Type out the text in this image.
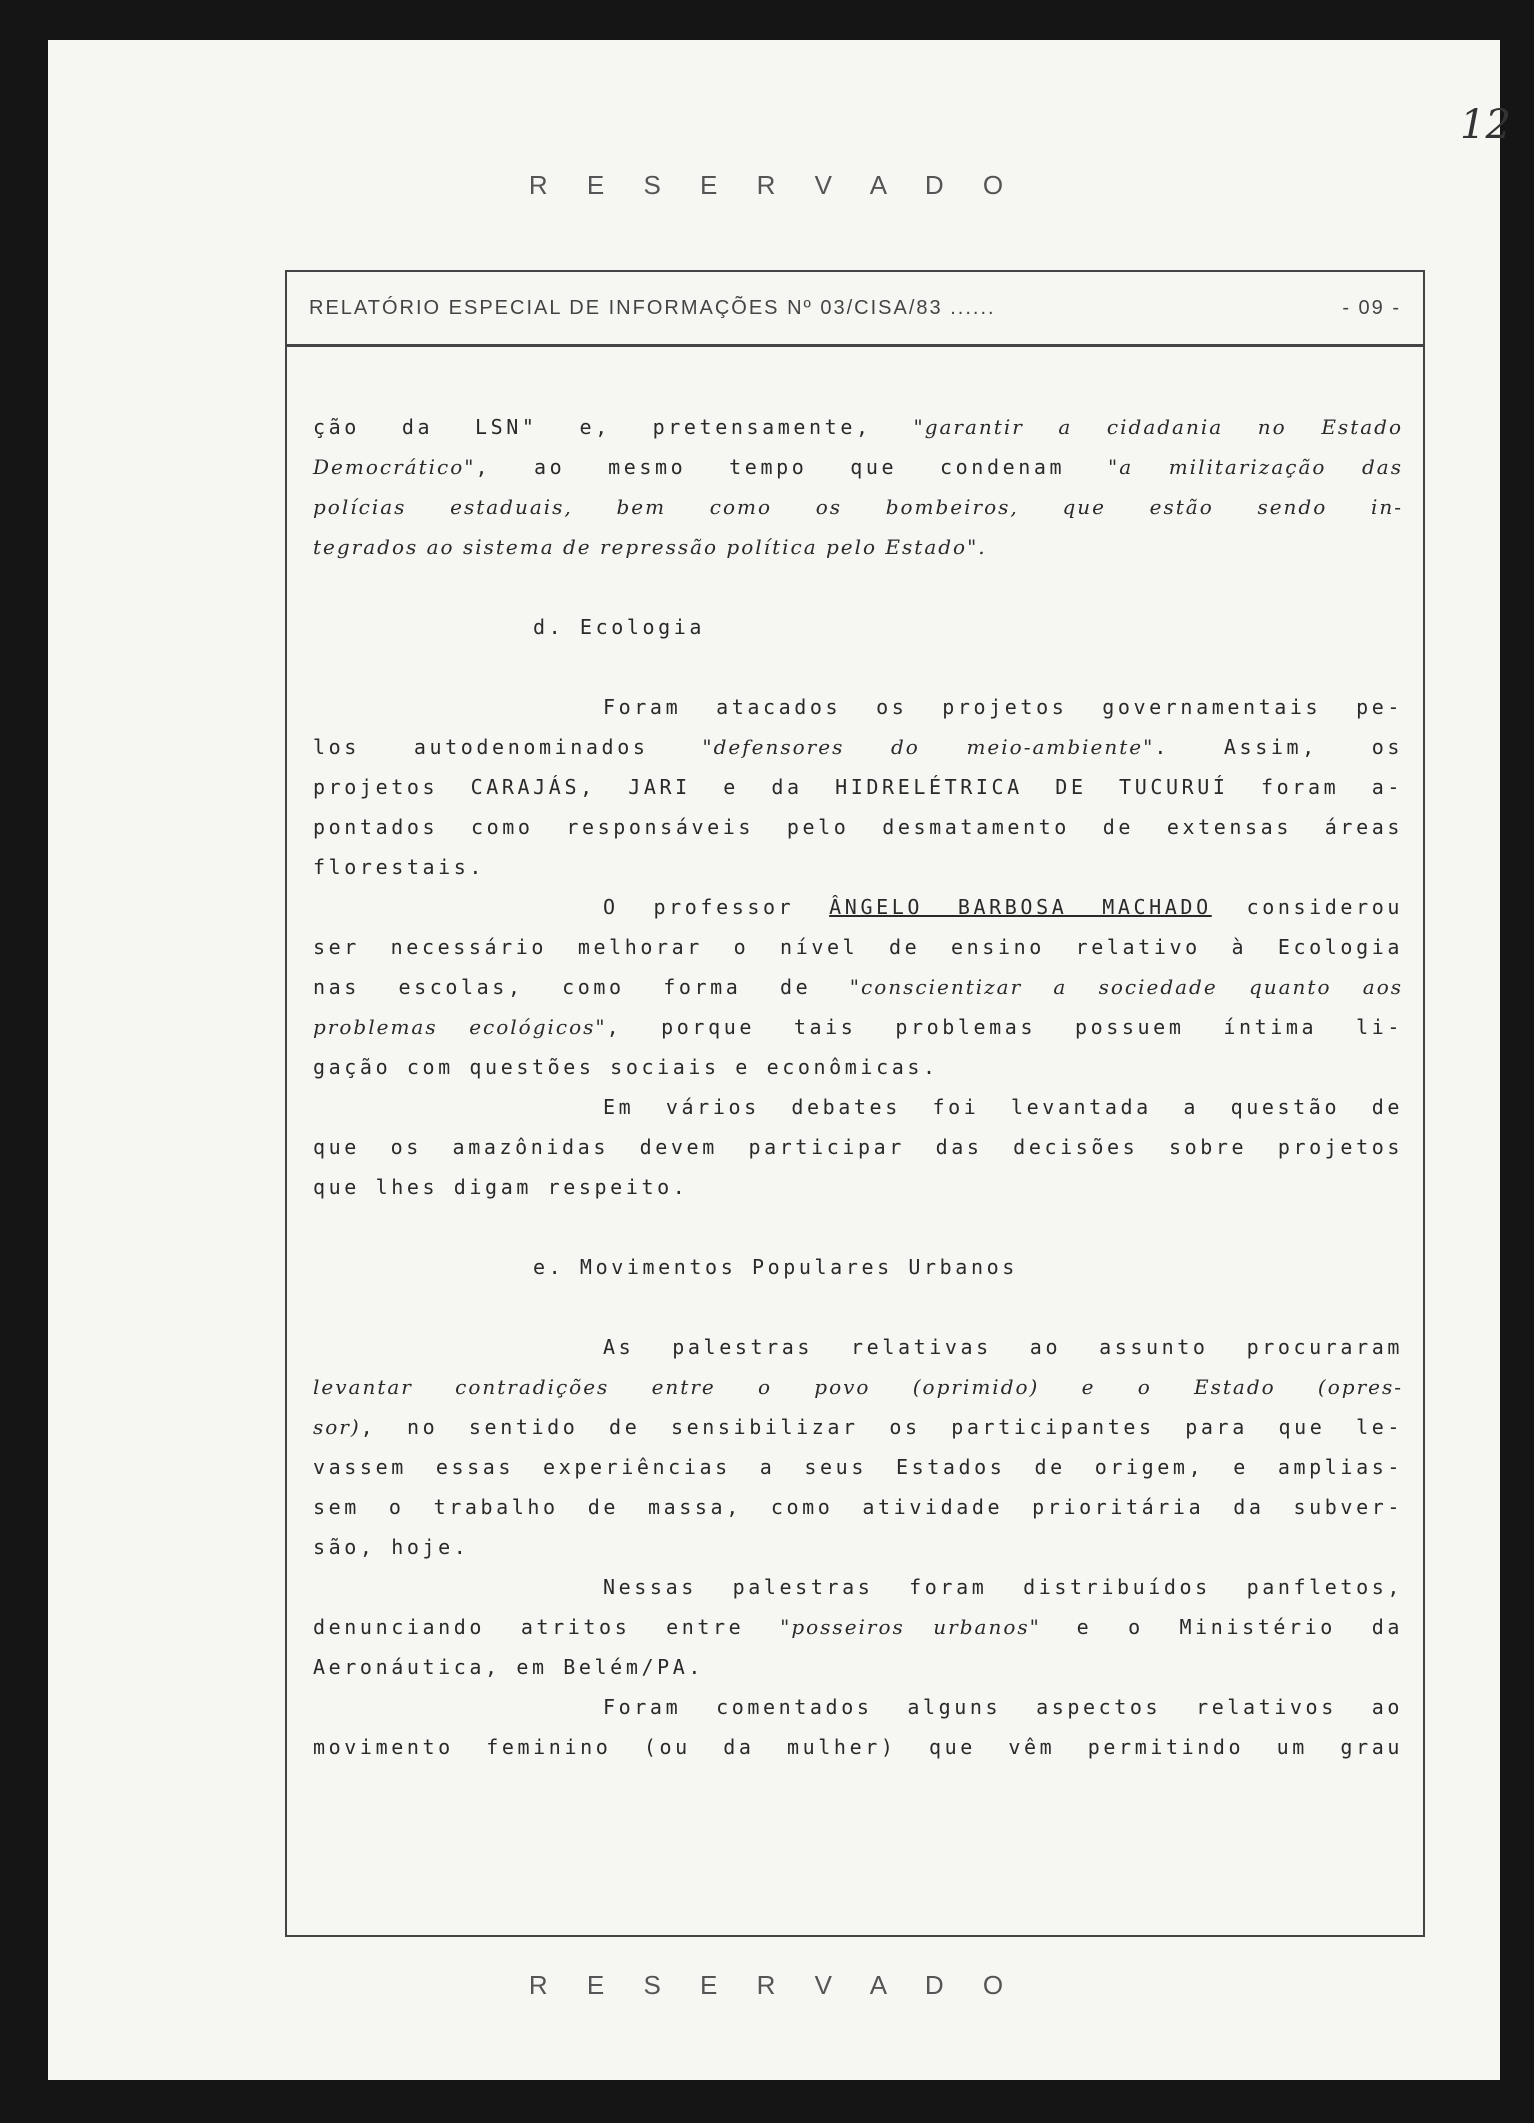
12
R E S E R V A D O
RELATÓRIO ESPECIAL DE INFORMAÇÕES Nº 03/CISA/83 ......	- 09 -
ção da LSN" e, pretensamente, "garantir a cidadania no Estado
Democrático", ao mesmo tempo que condenam "a militarização das
polícias estaduais, bem como os bombeiros, que estão sendo in-
tegrados ao sistema de repressão política pelo Estado".
d. Ecologia
Foram atacados os projetos governamentais pe-
los autodenominados "defensores do meio-ambiente". Assim, os
projetos CARAJÁS, JARI e da HIDRELÉTRICA DE TUCURUÍ foram a-
pontados como responsáveis pelo desmatamento de extensas áreas
florestais.
O professor ÂNGELO BARBOSA MACHADO considerou
ser necessário melhorar o nível de ensino relativo à Ecologia
nas escolas, como forma de "conscientizar a sociedade quanto aos
problemas ecológicos", porque tais problemas possuem íntima li-
gação com questões sociais e econômicas.
Em vários debates foi levantada a questão de
que os amazônidas devem participar das decisões sobre projetos
que lhes digam respeito.
e. Movimentos Populares Urbanos
As palestras relativas ao assunto procuraram
levantar contradições entre o povo (oprimido) e o Estado (opres-
sor), no sentido de sensibilizar os participantes para que le-
vassem essas experiências a seus Estados de origem, e amplias-
sem o trabalho de massa, como atividade prioritária da subver-
são, hoje.
Nessas palestras foram distribuídos panfletos,
denunciando atritos entre "posseiros urbanos" e o Ministério da
Aeronáutica, em Belém/PA.
Foram comentados alguns aspectos relativos ao
movimento feminino (ou da mulher) que vêm permitindo um grau
R E S E R V A D O
